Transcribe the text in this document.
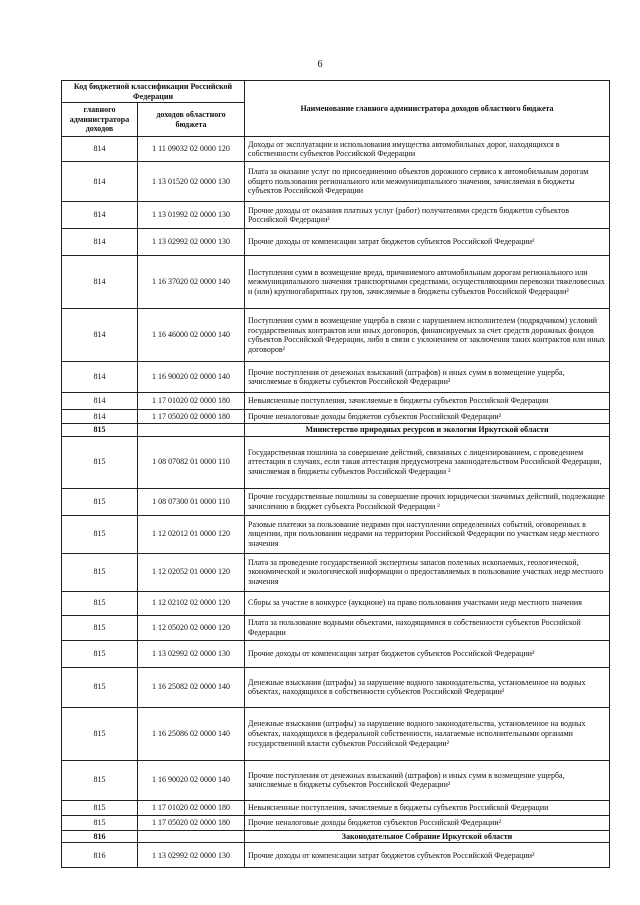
6
Код бюджетной классификации Российской Федерации		Наименование главного администратора доходов областного бюджета
главного администратора доходов	доходов областного бюджета	
814	1 11 09032 02 0000 120	Доходы от эксплуатации и использования имущества автомобильных дорог, находящихся в собственности субъектов Российской Федерации
814	1 13 01520 02 0000 130	Плата за оказание услуг по присоединению объектов дорожного сервиса к автомобильным дорогам общего пользования регионального или межмуниципального значения, зачисляемая в бюджеты субъектов Российской Федерации
814	1 13 01992 02 0000 130	Прочие доходы от оказания платных услуг (работ) получателями средств бюджетов субъектов Российской Федерации²
814	1 13 02992 02 0000 130	Прочие доходы от компенсации затрат бюджетов субъектов Российской Федерации²
814	1 16 37020 02 0000 140	Поступления сумм в возмещение вреда, причиняемого автомобильным дорогам регионального или межмуниципального значения транспортными средствами, осуществляющими перевозки тяжеловесных и (или) крупногабаритных грузов, зачисляемые в бюджеты субъектов Российской Федерации²
814	1 16 46000 02 0000 140	Поступления сумм в возмещение ущерба в связи с нарушением исполнителем (подрядчиком) условий государственных контрактов или иных договоров, финансируемых за счет средств дорожных фондов субъектов Российской Федерации, либо в связи с уклонением от заключения таких контрактов или иных договоров²
814	1 16 90020 02 0000 140	Прочие поступления от денежных взысканий (штрафов) и иных сумм в возмещение ущерба, зачисляемые в бюджеты субъектов Российской Федерации²
814	1 17 01020 02 0000 180	Невыясненные поступления, зачисляемые в бюджеты субъектов Российской Федерации
814	1 17 05020 02 0000 180	Прочие неналоговые доходы бюджетов субъектов Российской Федерации²
815		Министерство природных ресурсов и экологии Иркутской области
815	1 08 07082 01 0000 110	Государственная пошлина за совершение действий, связанных с лицензированием, с проведением аттестации в случаях, если такая аттестация предусмотрена законодательством Российской Федерации, зачисляемая в бюджеты субъектов Российской Федерации ²
815	1 08 07300 01 0000 110	Прочие государственные пошлины за совершение прочих юридически значимых действий, подлежащие зачислению в бюджет субъекта Российской Федерации ²
815	1 12 02012 01 0000 120	Разовые платежи за пользование недрами при наступлении определенных событий, оговоренных в лицензии, при пользовании недрами на территории Российской Федерации по участкам недр местного значения
815	1 12 02052 01 0000 120	Плата за проведение государственной экспертизы запасов полезных ископаемых, геологической, экономической и экологической информации о предоставляемых в пользование участках недр местного значения
815	1 12 02102 02 0000 120	Сборы за участие в конкурсе (аукционе) на право пользования участками недр местного значения
815	1 12 05020 02 0000 120	Плата за пользование водными объектами, находящимися в собственности субъектов Российской Федерации
815	1 13 02992 02 0000 130	Прочие доходы от компенсации затрат бюджетов субъектов Российской Федерации²
815	1 16 25082 02 0000 140	Денежные взыскания (штрафы) за нарушение водного законодательства, установленное на водных объектах, находящихся в собственности субъектов Российской Федерации²
815	1 16 25086 02 0000 140	Денежные взыскания (штрафы) за нарушение водного законодательства, установленное на водных объектах, находящихся в федеральной собственности, налагаемые исполнительными органами государственной власти субъектов Российской Федерации²
815	1 16 90020 02 0000 140	Прочие поступления от денежных взысканий (штрафов) и иных сумм в возмещение ущерба, зачисляемые в бюджеты субъектов Российской Федерации²
815	1 17 01020 02 0000 180	Невыясненные поступления, зачисляемые в бюджеты субъектов Российской Федерации
815	1 17 05020 02 0000 180	Прочие неналоговые доходы бюджетов субъектов Российской Федерации²
816		Законодательное Собрание Иркутской области
816	1 13 02992 02 0000 130	Прочие доходы от компенсации затрат бюджетов субъектов Российской Федерации²
